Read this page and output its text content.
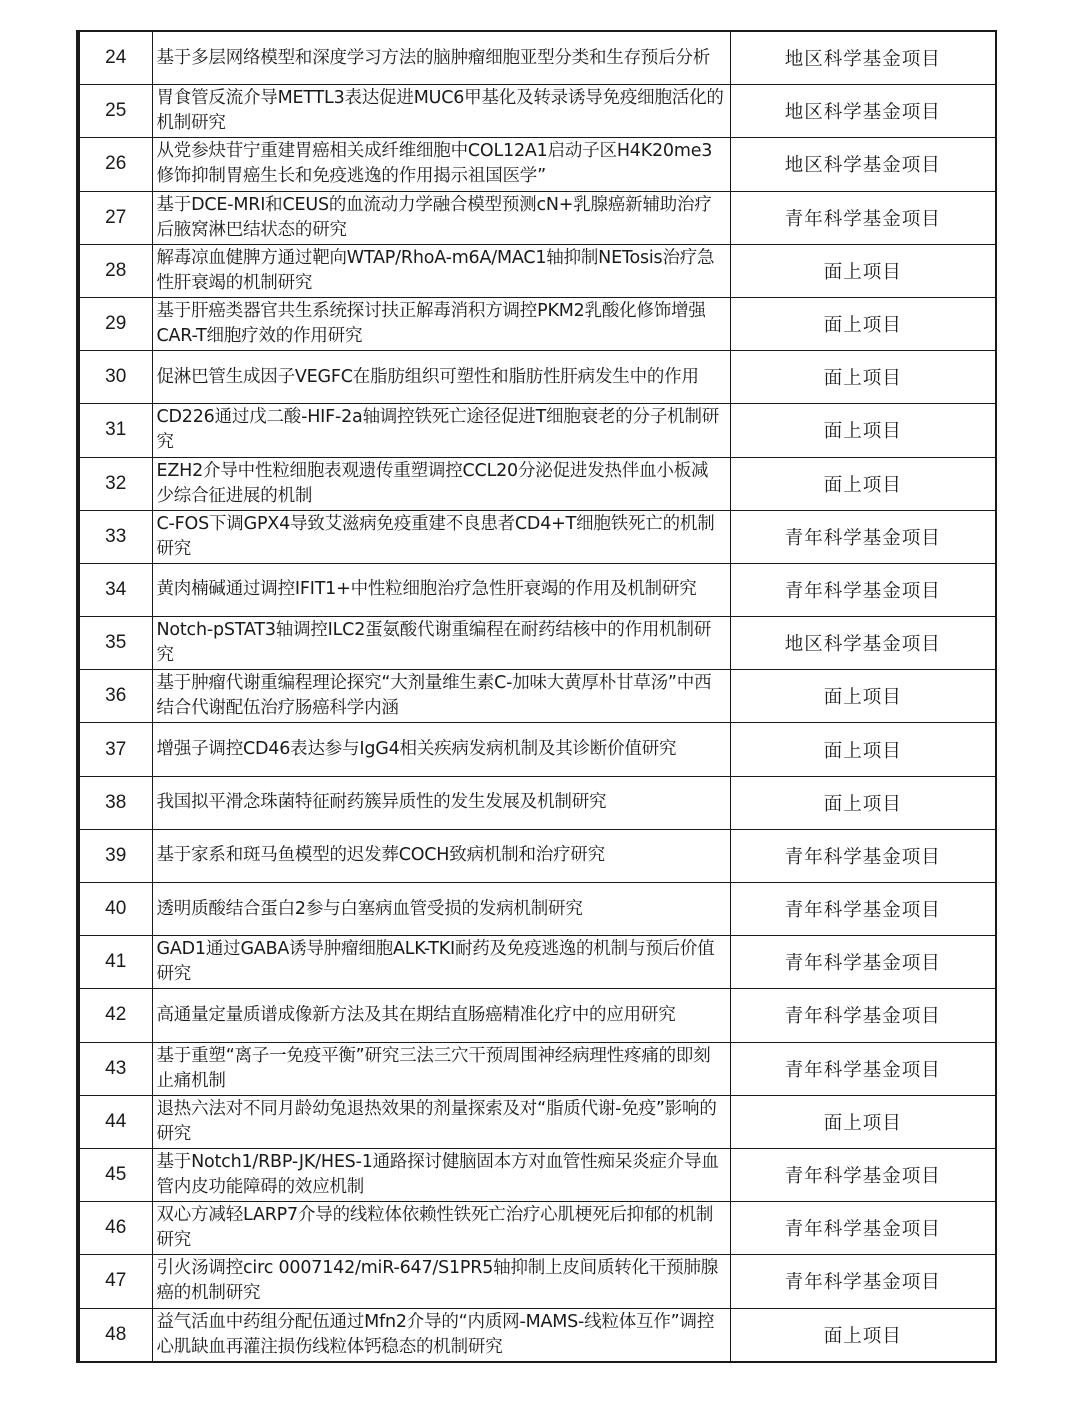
24	基于多层网络模型和深度学习方法的脑肿瘤细胞亚型分类和生存预后分析	地区科学基金项目
25	胃食管反流介导METTL3表达促进MUC6甲基化及转录诱导免疫细胞活化的机制研究	地区科学基金项目
26	从党参炔苷宁重建胃癌相关成纤维细胞中COL12A1启动子区H4K20me3修饰抑制胃癌生长和免疫逃逸的作用揭示祖国医学”	地区科学基金项目
27	基于DCE-MRI和CEUS的血流动力学融合模型预测cN+乳腺癌新辅助治疗后腋窝淋巴结状态的研究	青年科学基金项目
28	解毒凉血健脾方通过靶向WTAP/RhoA-m6A/MAC1轴抑制NETosis治疗急性肝衰竭的机制研究	面上项目
29	基于肝癌类器官共生系统探讨扶正解毒消积方调控PKM2乳酸化修饰增强CAR-T细胞疗效的作用研究	面上项目
30	促淋巴管生成因子VEGFC在脂肪组织可塑性和脂肪性肝病发生中的作用	面上项目
31	CD226通过戊二酸-HIF-2a轴调控铁死亡途径促进T细胞衰老的分子机制研究	面上项目
32	EZH2介导中性粒细胞表观遗传重塑调控CCL20分泌促进发热伴血小板减少综合征进展的机制	面上项目
33	C-FOS下调GPX4导致艾滋病免疫重建不良患者CD4+T细胞铁死亡的机制研究	青年科学基金项目
34	黄肉楠碱通过调控IFIT1+中性粒细胞治疗急性肝衰竭的作用及机制研究	青年科学基金项目
35	Notch-pSTAT3轴调控ILC2蛋氨酸代谢重编程在耐药结核中的作用机制研究	地区科学基金项目
36	基于肿瘤代谢重编程理论探究“大剂量维生素C-加味大黄厚朴甘草汤”中西结合代谢配伍治疗肠癌科学内涵	面上项目
37	增强子调控CD46表达参与IgG4相关疾病发病机制及其诊断价值研究	面上项目
38	我国拟平滑念珠菌特征耐药簇异质性的发生发展及机制研究	面上项目
39	基于家系和斑马鱼模型的迟发葬COCH致病机制和治疗研究	青年科学基金项目
40	透明质酸结合蛋白2参与白塞病血管受损的发病机制研究	青年科学基金项目
41	GAD1通过GABA诱导肿瘤细胞ALK-TKI耐药及免疫逃逸的机制与预后价值研究	青年科学基金项目
42	高通量定量质谱成像新方法及其在期结直肠癌精准化疗中的应用研究	青年科学基金项目
43	基于重塑“离子一免疫平衡”研究三法三穴干预周围神经病理性疼痛的即刻止痛机制	青年科学基金项目
44	退热六法对不同月龄幼兔退热效果的剂量探索及对“脂质代谢-免疫”影响的研究	面上项目
45	基于Notch1/RBP-JK/HES-1通路探讨健脑固本方对血管性痴呆炎症介导血管内皮功能障碍的效应机制	青年科学基金项目
46	双心方减轻LARP7介导的线粒体依赖性铁死亡治疗心肌梗死后抑郁的机制研究	青年科学基金项目
47	引火汤调控circ 0007142/miR-647/S1PR5轴抑制上皮间质转化干预肺腺癌的机制研究	青年科学基金项目
48	益气活血中药组分配伍通过Mfn2介导的“内质网-MAMS-线粒体互作”调控心肌缺血再灌注损伤线粒体钙稳态的机制研究	面上项目
